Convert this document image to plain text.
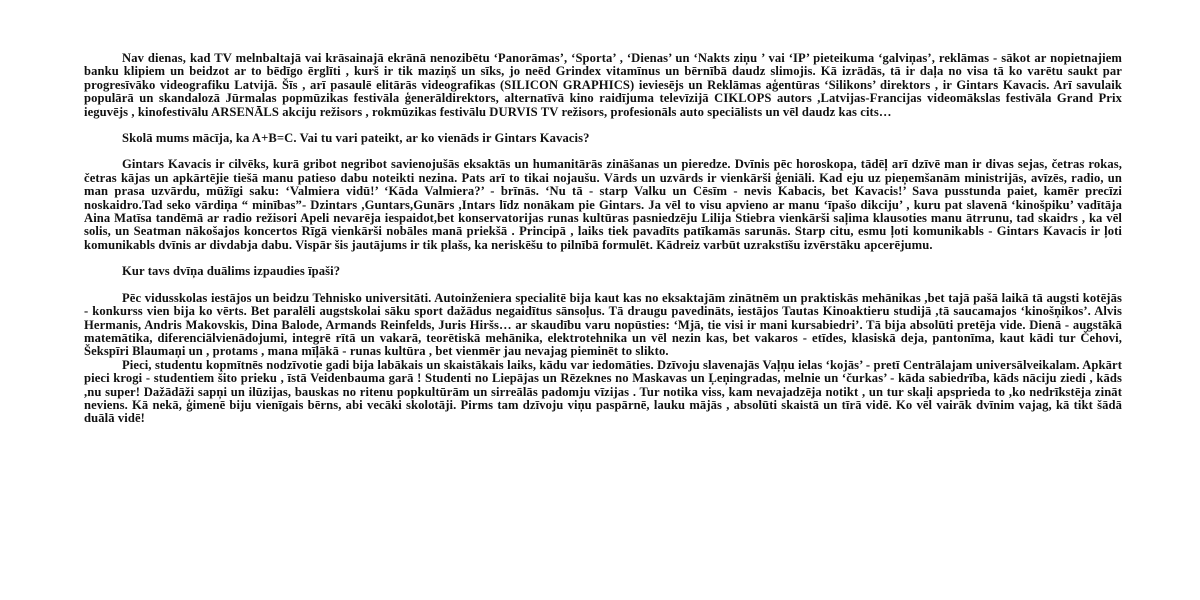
Nav dienas, kad TV melnbaltajā vai krāsainajā ekrānā nenozibētu ‘Panorāmas’, ‘Sporta’ , ‘Dienas’ un ‘Nakts ziņu ’ vai ‘IP’ pieteikuma ‘galviņas’, reklāmas - sākot ar nopietnajiem banku klipiem un beidzot ar to bēdīgo ērglīti , kurš ir tik maziņš un sīks, jo neēd Grindex vitamīnus un bērnībā daudz slimojis. Kā izrādās, tā ir daļa no visa tā ko varētu saukt par progresīvāko videografiku Latvijā. Šīs , arī pasaulē elitārās videografikas (SILICON GRAPHICS) ieviesējs un Reklāmas aģentūras ‘Silikons’ direktors , ir Gintars Kavacis. Arī savulaik populārā un skandalozā Jūrmalas popmūzikas festivāla ģenerāldirektors, alternatīvā kino raidījuma televīzijā CIKLOPS autors ,Latvijas-Francijas videomākslas festivāla Grand Prix ieguvējs , kinofestivālu ARSENĀLS akciju režisors , rokmūzikas festivālu DURVIS TV režisors, profesionāls auto speciālists un vēl daudz kas cits…

Skolā mums mācīja, ka A+B=C. Vai tu vari pateikt, ar ko vienāds ir Gintars Kavacis?

Gintars Kavacis ir cilvēks, kurā gribot negribot savienojušās eksaktās un humanitārās zināšanas un pieredze. Dvīnis pēc horoskopa, tādēļ arī dzīvē man ir divas sejas, četras rokas, četras kājas un apkārtējie tiešā manu patieso dabu noteikti nezina. Pats arī to tikai nojaušu. Vārds un uzvārds ir vienkārši ģeniāli. Kad eju uz pieņemšanām ministrijās, avīzēs, radio, un man prasa uzvārdu, mūžīgi saku: ‘Valmiera vidū!’ ‘Kāda Valmiera?’ - brīnās. ‘Nu tā - starp Valku un Cēsīm - nevis Kabacis, bet Kavacis!’ Sava pusstunda paiet, kamēr precīzi noskaidro.Tad seko vārdiņa “ minības”- Dzintars ,Guntars,Gunārs ,Intars līdz nonākam pie Gintars. Ja vēl to visu apvieno ar manu ‘īpašo dikciju’ , kuru pat slavenā ‘kinošpiku’ vadītāja Aina Matīsa tandēmā ar radio režisori Apeli nevarēja iespaidot,bet konservatorijas runas kultūras pasniedzēju Lilija Stiebra vienkārši saļima klausoties manu ātrrunu, tad skaidrs , ka vēl solis, un Seatman nākošajos koncertos Rīgā vienkārši nobāles manā priekšā . Principā , laiks tiek pavadīts patīkamās sarunās. Starp citu, esmu ļoti komunikabls - Gintars Kavacis ir ļoti komunikabls dvīnis ar divdabja dabu. Vispār šis jautājums ir tik plašs, ka neriskēšu to pilnībā formulēt. Kādreiz varbūt uzrakstīšu izvērstāku apcerējumu.

Kur tavs dvīņa duālims izpaudies īpaši?

Pēc vidusskolas iestājos un beidzu Tehnisko universitāti. Autoinženiera specialitē bija kaut kas no eksaktajām zinātnēm un praktiskās mehānikas ,bet tajā pašā laikā tā augsti kotējās - konkurss vien bija ko vērts. Bet paralēli augstskolai sāku sport dažādus negaidītus sānsoļus. Tā draugu pavedināts, iestājos Tautas Kinoaktieru studijā ,tā saucamajos ‘kinošņikos’. Alvis Hermanis, Andris Makovskis, Dina Balode, Armands Reinfelds, Juris Hiršs… ar skaudību varu nopūsties: ‘Mjā, tie visi ir mani kursabiedri’. Tā bija absolūti pretēja vide. Dienā - augstākā matemātika, diferenciālvienādojumi, integrē rītā un vakarā, teorētiskā mehānika, elektrotehnika un vēl nezin kas, bet vakaros - etīdes, klasiskā deja, pantonīma, kaut kādi tur Čehovi, Šekspīri Blaumaņi un , protams , mana mīļākā - runas kultūra , bet vienmēr jau nevajag pieminēt to slikto.

Pieci, studentu kopmītnēs nodzīvotie gadi bija labākais un skaistākais laiks, kādu var iedomāties. Dzīvoju slavenajās Vaļņu ielas ‘kojās’ - pretī Centrālajam universālveikalam. Apkārt pieci krogi - studentiem šito prieku , īstā Veidenbauma garā ! Studenti no Liepājas un Rēzeknes no Maskavas un Ļeņingradas, melnie un ‘čurkas’ - kāda sabiedrība, kāds nāciju ziedi , kāds ,nu super! Dažādāži sapņi un ilūzijas, bauskas no ritenu popkultūrām un sirreālās padomju vīzijas . Tur notika viss, kam nevajadzēja notikt , un tur skaļi apsprieda to ,ko nedrīkstēja zināt neviens. Kā nekā, ģimenē biju vienīgais bērns, abi vecāki skolotāji. Pirms tam dzīvoju viņu paspārnē, lauku mājās , absolūti skaistā un tīrā vidē. Ko vēl vairāk dvīnim vajag, kā tikt šādā duālā vidē!
